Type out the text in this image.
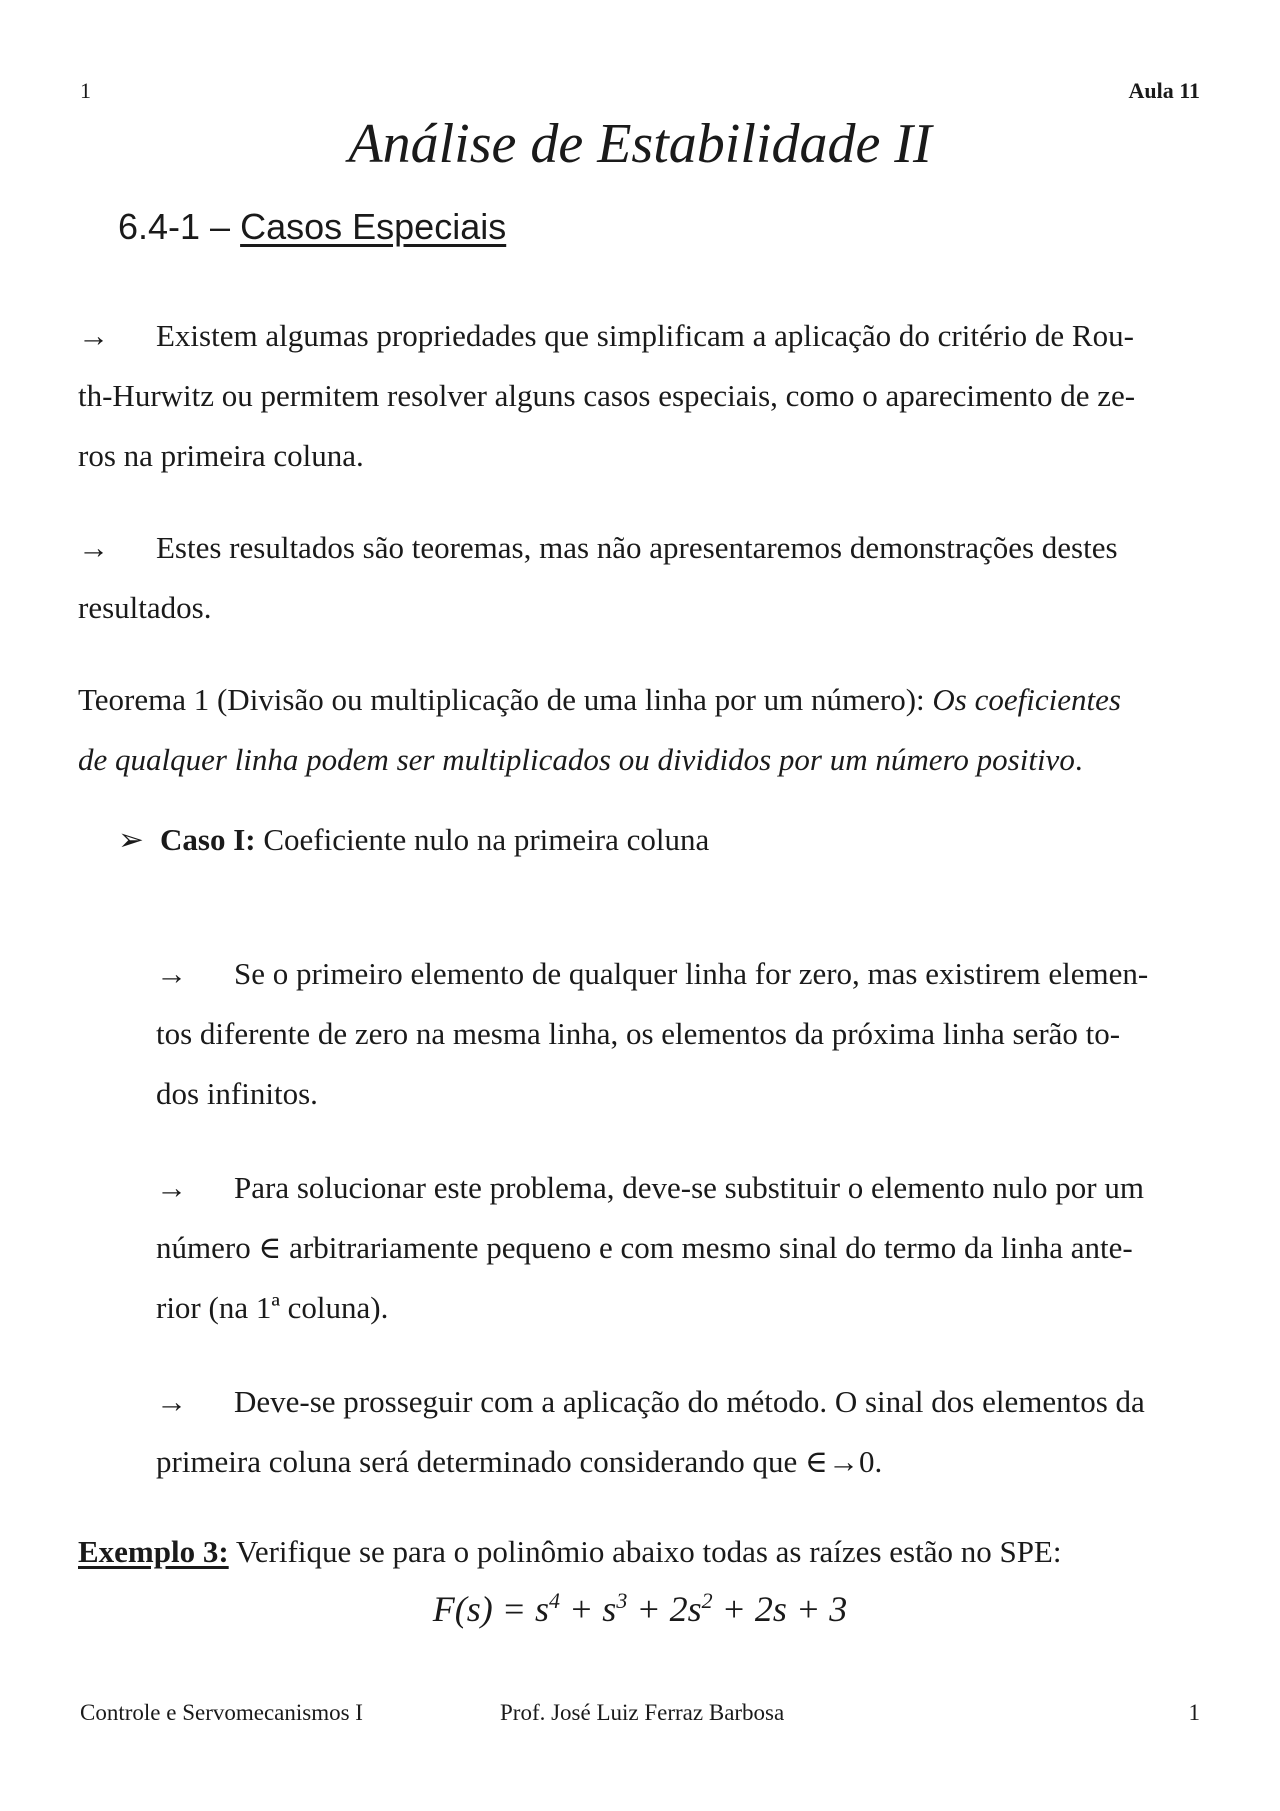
1	Aula 11
Análise de Estabilidade II
6.4-1 – Casos Especiais
→ Existem algumas propriedades que simplificam a aplicação do critério de Rou-
th-Hurwitz ou permitem resolver alguns casos especiais, como o aparecimento de ze-
ros na primeira coluna.
→ Estes resultados são teoremas, mas não apresentaremos demonstrações destes
resultados.
Teorema 1 (Divisão ou multiplicação de uma linha por um número): Os coeficientes
de qualquer linha podem ser multiplicados ou divididos por um número positivo.
➢ Caso I: Coeficiente nulo na primeira coluna
→ Se o primeiro elemento de qualquer linha for zero, mas existirem elemen-
tos diferente de zero na mesma linha, os elementos da próxima linha serão to-
dos infinitos.
→ Para solucionar este problema, deve-se substituir o elemento nulo por um
número ∈ arbitrariamente pequeno e com mesmo sinal do termo da linha ante-
rior (na 1ª coluna).
→ Deve-se prosseguir com a aplicação do método. O sinal dos elementos da
primeira coluna será determinado considerando que ∈→0.
Exemplo 3: Verifique se para o polinômio abaixo todas as raízes estão no SPE:
$F(s) = s^4 + s^3 + 2s^2 + 2s + 3$
Controle e Servomecanismos I	Prof. José Luiz Ferraz Barbosa	1
